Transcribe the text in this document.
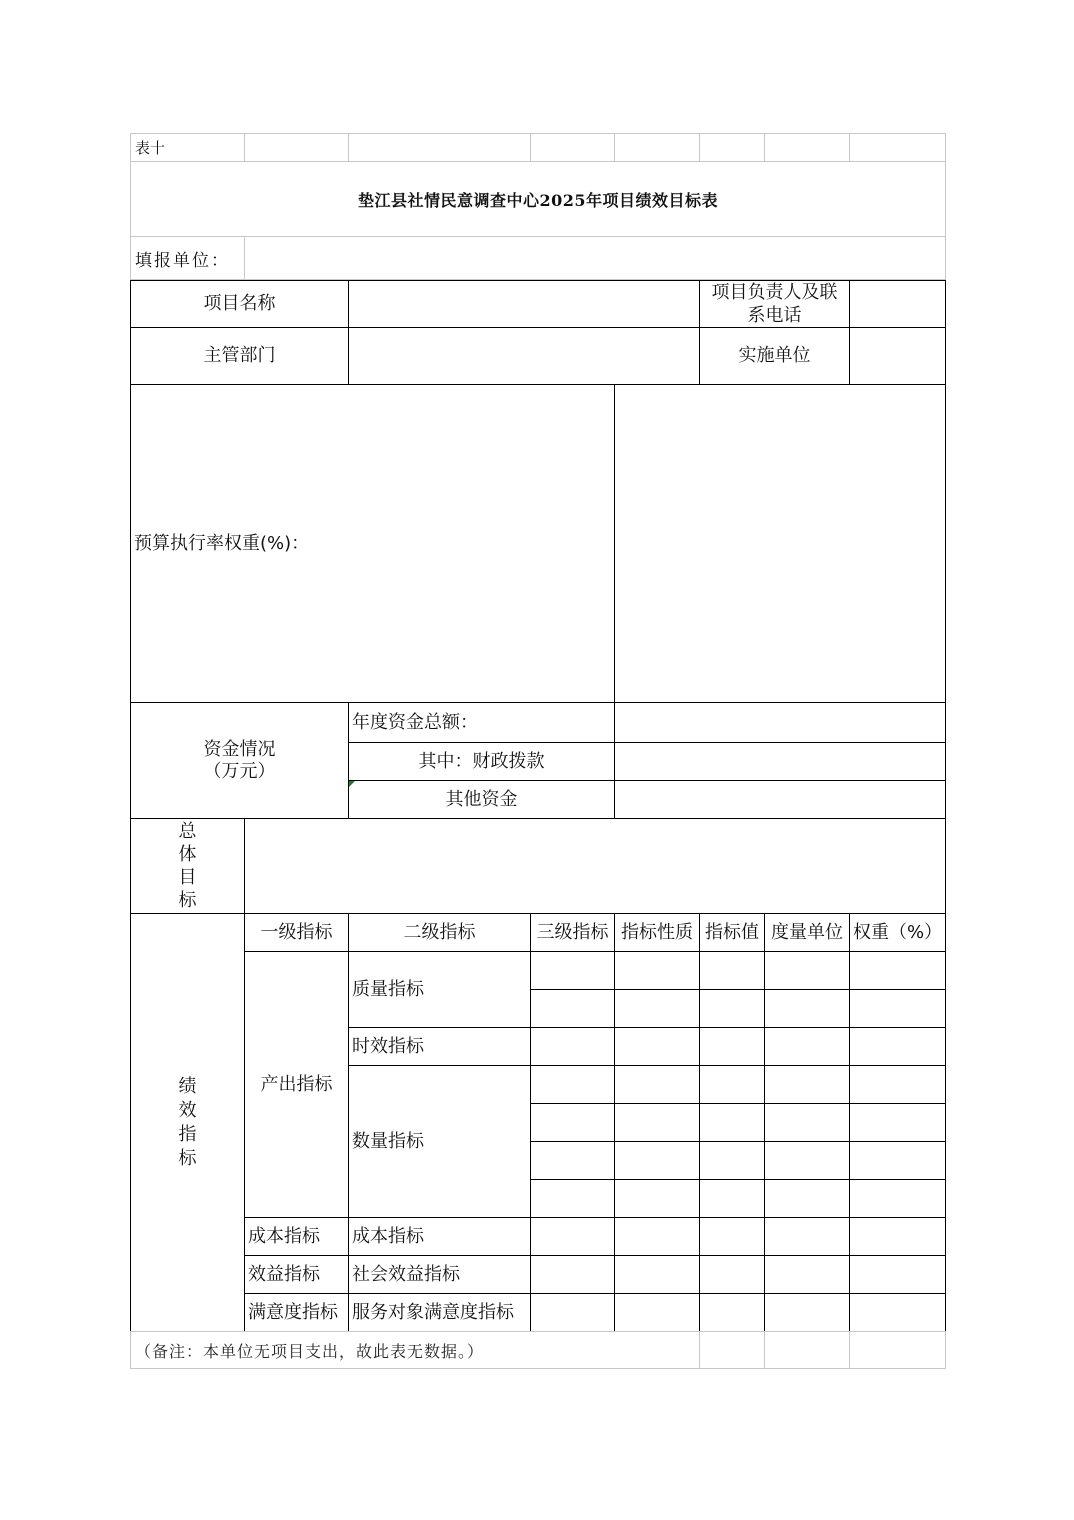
表十							
垫江县社情民意调查中心2025年项目绩效目标表							
填报单位：							
项目名称					项目负责人及联系电话		
主管部门					实施单位		
预算执行率权重(%)：							
资金情况（万元）		年度资金总额：					
		其中：财政拨款					
		其他资金					
总体目标							
绩效指标	一级指标	二级指标	三级指标	指标性质	指标值	度量单位	权重（%）
	产出指标	质量指标					

		时效指标					
		数量指标					

	成本指标	成本指标					
	效益指标	社会效益指标					
	满意度指标	服务对象满意度指标					
（备注：本单位无项目支出，故此表无数据。）			
